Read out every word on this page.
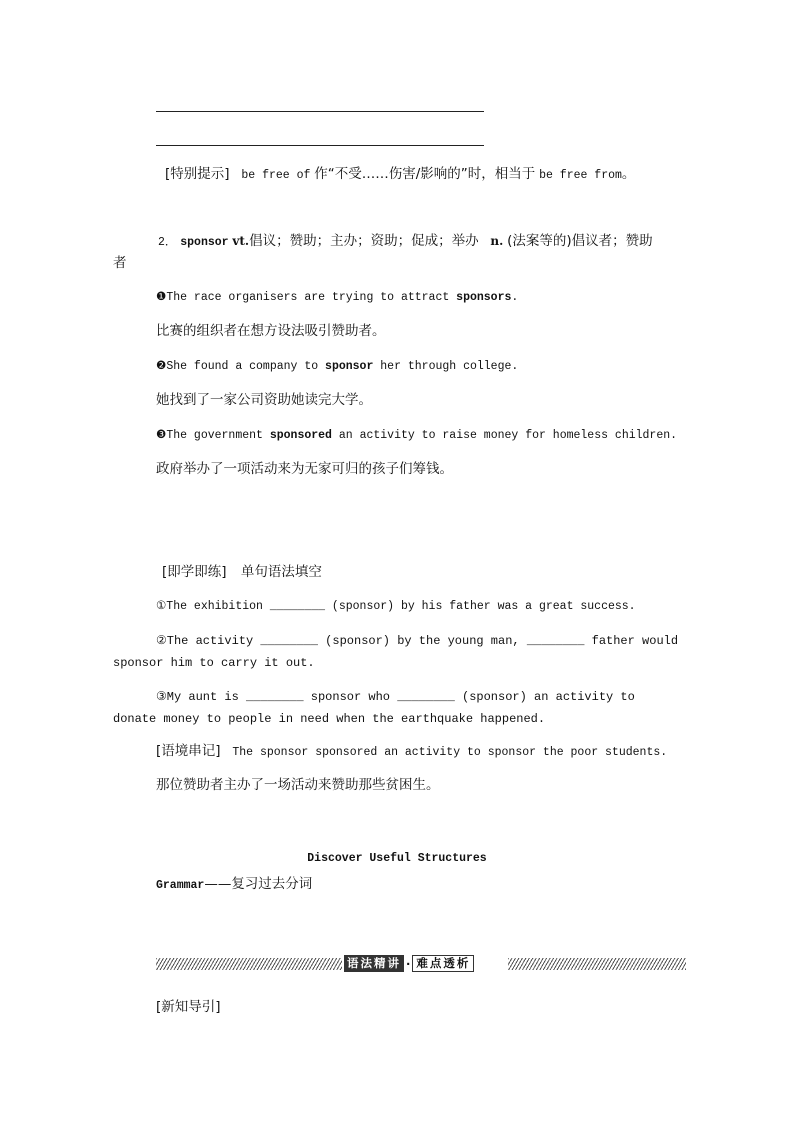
[特别提示] be free of 作“不受……伤害/影响的”时，相当于 be free from。
2． sponsor vt.倡议；赞助；主办；资助；促成；举办 n. (法案等的)倡议者；赞助
者
❶The race organisers are trying to attract sponsors.
比赛的组织者在想方设法吸引赞助者。
❷She found a company to sponsor her through college.
她找到了一家公司资助她读完大学。
❸The government sponsored an activity to raise money for homeless children.
政府举办了一项活动来为无家可归的孩子们筹钱。
[即学即练] 单句语法填空
①The exhibition ________ (sponsor) by his father was a great success.
②The activity ________ (sponsor) by the young man, ________ father would sponsor him to carry it out.
③My aunt is ________ sponsor who ________ (sponsor) an activity to donate money to people in need when the earthquake happened.
[语境串记] The sponsor sponsored an activity to sponsor the poor students.
那位赞助者主办了一场活动来赞助那些贫困生。
Discover Useful Structures
Grammar——复习过去分词
语法精讲 · 难点透析
[新知导引]
